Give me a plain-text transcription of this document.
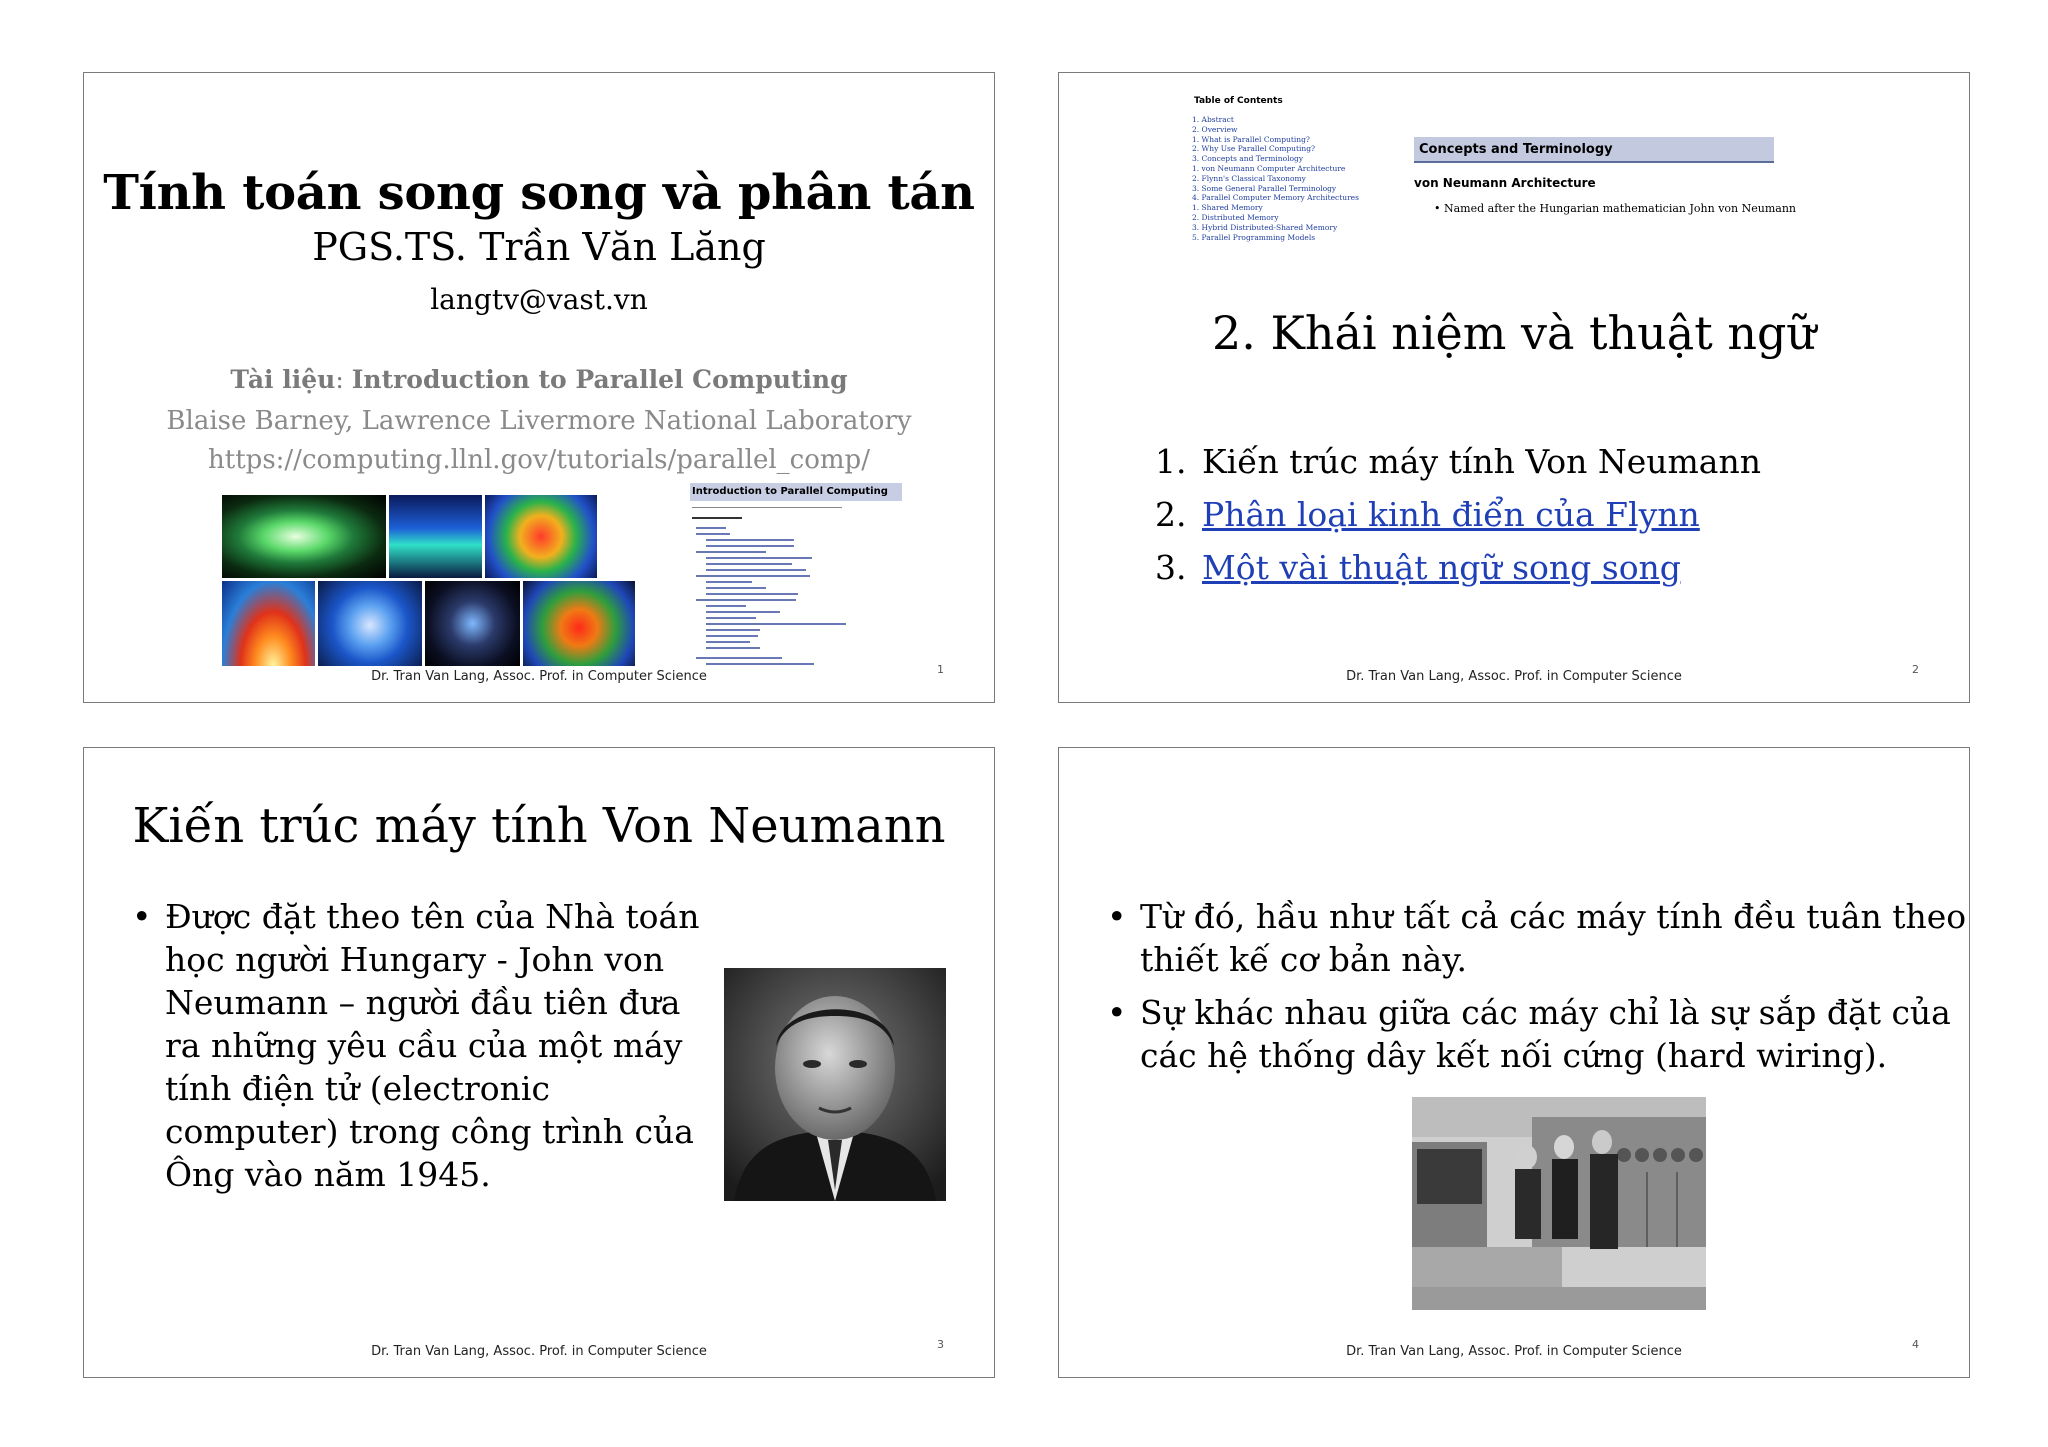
Tính toán song song và phân tán
PGS.TS. Trần Văn Lăng
langtv@vast.vn
Tài liệu: Introduction to Parallel Computing
Blaise Barney, Lawrence Livermore National Laboratory
https://computing.llnl.gov/tutorials/parallel_comp/
Introduction to Parallel Computing
Dr. Tran Van Lang, Assoc. Prof. in Computer Science	1
Table of Contents
1. Abstract
2. Overview
1. What is Parallel Computing?
2. Why Use Parallel Computing?
3. Concepts and Terminology
1. von Neumann Computer Architecture
2. Flynn's Classical Taxonomy
3. Some General Parallel Terminology
4. Parallel Computer Memory Architectures
1. Shared Memory
2. Distributed Memory
3. Hybrid Distributed-Shared Memory
5. Parallel Programming Models
Concepts and Terminology
von Neumann Architecture
• Named after the Hungarian mathematician John von Neumann
2. Khái niệm và thuật ngữ
1. Kiến trúc máy tính Von Neumann
2. Phân loại kinh điển của Flynn
3. Một vài thuật ngữ song song
Dr. Tran Van Lang, Assoc. Prof. in Computer Science	2
Kiến trúc máy tính Von Neumann
• Được đặt theo tên của Nhà toán
học người Hungary - John von
Neumann – người đầu tiên đưa
ra những yêu cầu của một máy
tính điện tử (electronic
computer) trong công trình của
Ông vào năm 1945.
Dr. Tran Van Lang, Assoc. Prof. in Computer Science	3
• Từ đó, hầu như tất cả các máy tính đều tuân theo
thiết kế cơ bản này.
• Sự khác nhau giữa các máy chỉ là sự sắp đặt của
các hệ thống dây kết nối cứng (hard wiring).
Dr. Tran Van Lang, Assoc. Prof. in Computer Science	4
